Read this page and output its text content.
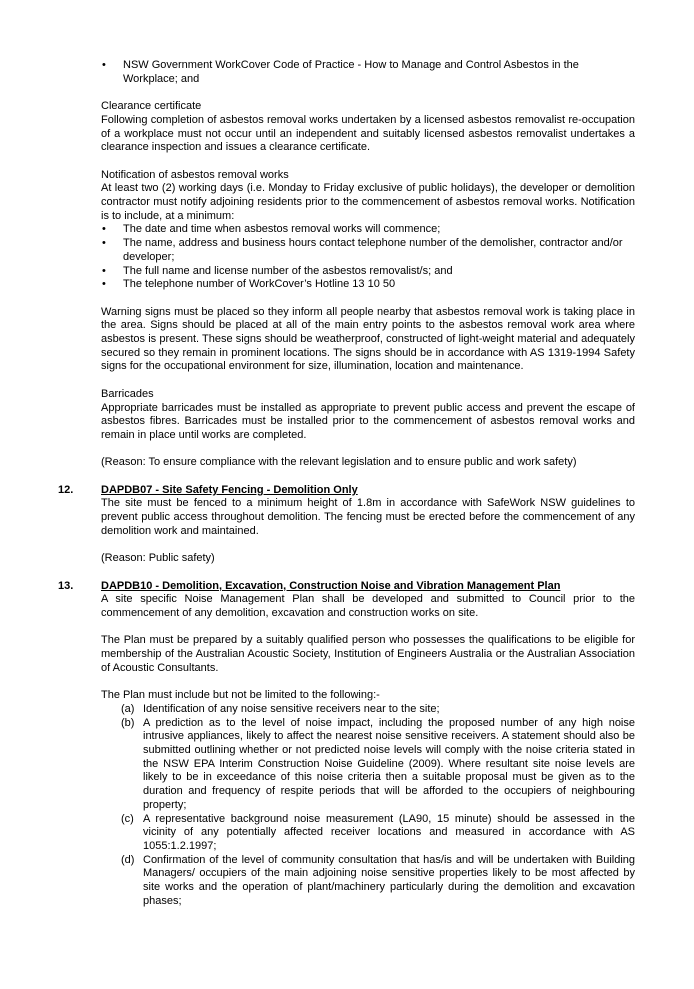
• NSW Government WorkCover Code of Practice - How to Manage and Control Asbestos in the Workplace; and

Clearance certificate

Following completion of asbestos removal works undertaken by a licensed asbestos removalist re-occupation of a workplace must not occur until an independent and suitably licensed asbestos removalist undertakes a clearance inspection and issues a clearance certificate.

Notification of asbestos removal works

At least two (2) working days (i.e. Monday to Friday exclusive of public holidays), the developer or demolition contractor must notify adjoining residents prior to the commencement of asbestos removal works. Notification is to include, at a minimum:

• The date and time when asbestos removal works will commence;
• The name, address and business hours contact telephone number of the demolisher, contractor and/or developer;
• The full name and license number of the asbestos removalist/s; and
• The telephone number of WorkCover’s Hotline 13 10 50

Warning signs must be placed so they inform all people nearby that asbestos removal work is taking place in the area. Signs should be placed at all of the main entry points to the asbestos removal work area where asbestos is present. These signs should be weatherproof, constructed of light-weight material and adequately secured so they remain in prominent locations. The signs should be in accordance with AS 1319-1994 Safety signs for the occupational environment for size, illumination, location and maintenance.

Barricades

Appropriate barricades must be installed as appropriate to prevent public access and prevent the escape of asbestos fibres. Barricades must be installed prior to the commencement of asbestos removal works and remain in place until works are completed.

(Reason: To ensure compliance with the relevant legislation and to ensure public and work safety)

12.	DAPDB07 - Site Safety Fencing - Demolition Only

The site must be fenced to a minimum height of 1.8m in accordance with SafeWork NSW guidelines to prevent public access throughout demolition. The fencing must be erected before the commencement of any demolition work and maintained.

(Reason: Public safety)

13.	DAPDB10 - Demolition, Excavation, Construction Noise and Vibration Management Plan

A site specific Noise Management Plan shall be developed and submitted to Council prior to the commencement of any demolition, excavation and construction works on site.

The Plan must be prepared by a suitably qualified person who possesses the qualifications to be eligible for membership of the Australian Acoustic Society, Institution of Engineers Australia or the Australian Association of Acoustic Consultants.

The Plan must include but not be limited to the following:-

(a) Identification of any noise sensitive receivers near to the site;
(b) A prediction as to the level of noise impact, including the proposed number of any high noise intrusive appliances, likely to affect the nearest noise sensitive receivers. A statement should also be submitted outlining whether or not predicted noise levels will comply with the noise criteria stated in the NSW EPA Interim Construction Noise Guideline (2009). Where resultant site noise levels are likely to be in exceedance of this noise criteria then a suitable proposal must be given as to the duration and frequency of respite periods that will be afforded to the occupiers of neighbouring property;
(c) A representative background noise measurement (LA90, 15 minute) should be assessed in the vicinity of any potentially affected receiver locations and measured in accordance with AS 1055:1.2.1997;
(d) Confirmation of the level of community consultation that has/is and will be undertaken with Building Managers/ occupiers of the main adjoining noise sensitive properties likely to be most affected by site works and the operation of plant/machinery particularly during the demolition and excavation phases;
